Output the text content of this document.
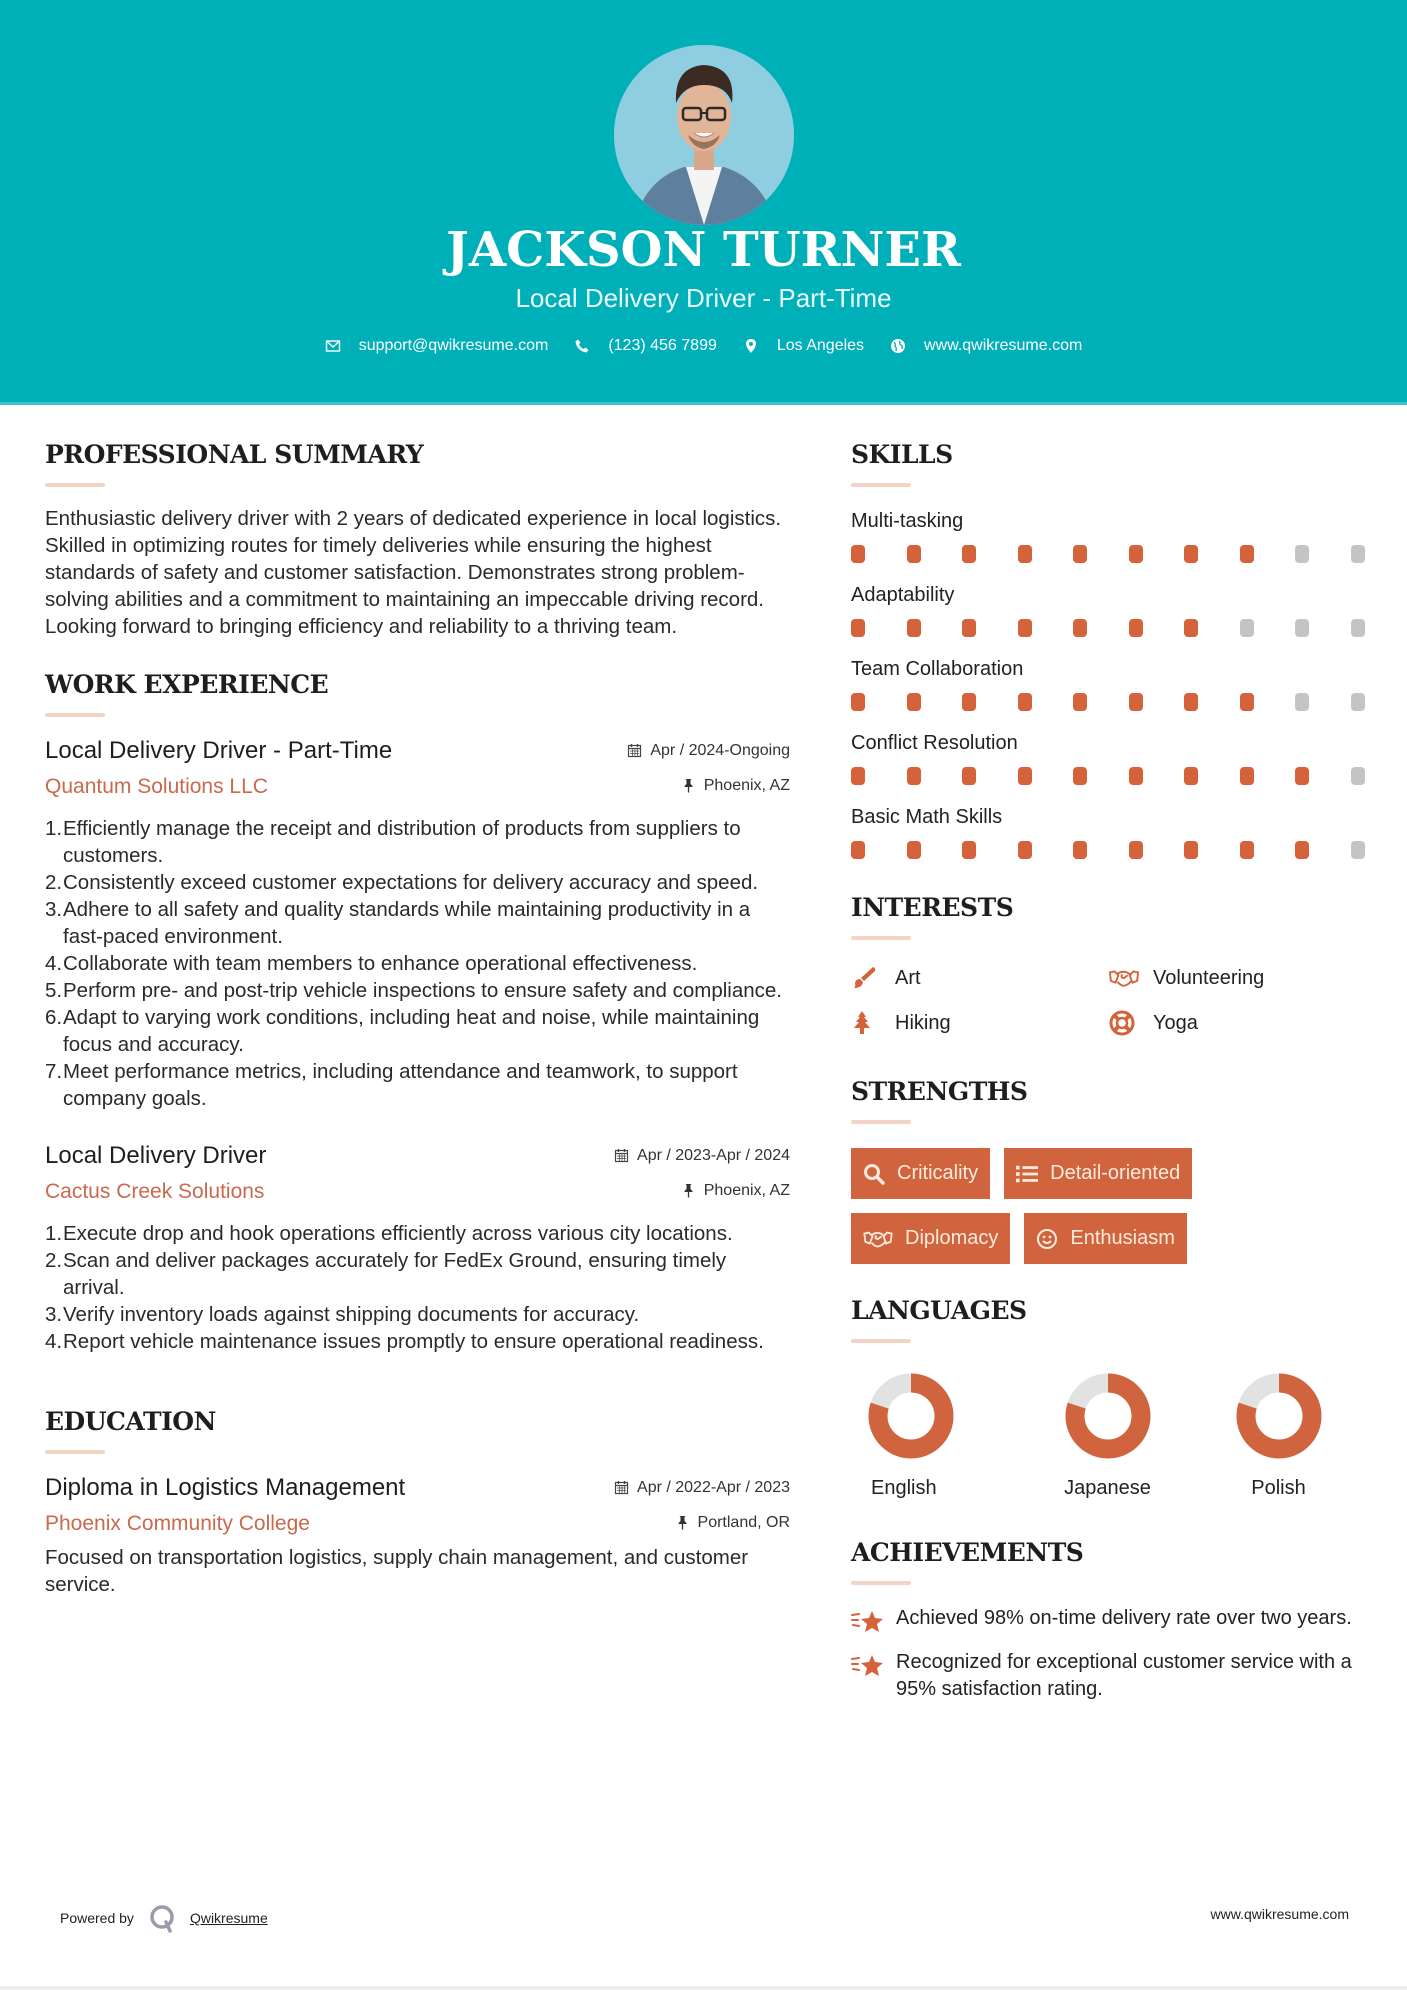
JACKSON TURNER
Local Delivery Driver - Part-Time
support@qwikresume.com	(123) 456 7899	Los Angeles	www.qwikresume.com
PROFESSIONAL SUMMARY

Enthusiastic delivery driver with 2 years of dedicated experience in local logistics. Skilled in optimizing routes for timely deliveries while ensuring the highest standards of safety and customer satisfaction. Demonstrates strong problem-solving abilities and a commitment to maintaining an impeccable driving record. Looking forward to bringing efficiency and reliability to a thriving team.

WORK EXPERIENCE
Local Delivery Driver - Part-Time	Apr / 2024-Ongoing
Quantum Solutions LLC	Phoenix, AZ
1.Efficiently manage the receipt and distribution of products from suppliers to customers.
2.Consistently exceed customer expectations for delivery accuracy and speed.
3.Adhere to all safety and quality standards while maintaining productivity in a fast-paced environment.
4.Collaborate with team members to enhance operational effectiveness.
5.Perform pre- and post-trip vehicle inspections to ensure safety and compliance.
6.Adapt to varying work conditions, including heat and noise, while maintaining focus and accuracy.
7.Meet performance metrics, including attendance and teamwork, to support company goals.
Local Delivery Driver	Apr / 2023-Apr / 2024
Cactus Creek Solutions	Phoenix, AZ
1.Execute drop and hook operations efficiently across various city locations.
2.Scan and deliver packages accurately for FedEx Ground, ensuring timely arrival.
3.Verify inventory loads against shipping documents for accuracy.
4.Report vehicle maintenance issues promptly to ensure operational readiness.
EDUCATION
Diploma in Logistics Management	Apr / 2022-Apr / 2023
Phoenix Community College	Portland, OR

Focused on transportation logistics, supply chain management, and customer service.

SKILLS
Multi-tasking
Adaptability
Team Collaboration
Conflict Resolution
Basic Math Skills
INTERESTS
Art	Volunteering
Hiking	Yoga
STRENGTHS
Criticality	Detail-oriented
Diplomacy	Enthusiasm
LANGUAGES
English	Japanese	Polish
ACHIEVEMENTS
Achieved 98% on-time delivery rate over two years.
Recognized for exceptional customer service with a 95% satisfaction rating.
Powered by	Qwikresume	www.qwikresume.com
